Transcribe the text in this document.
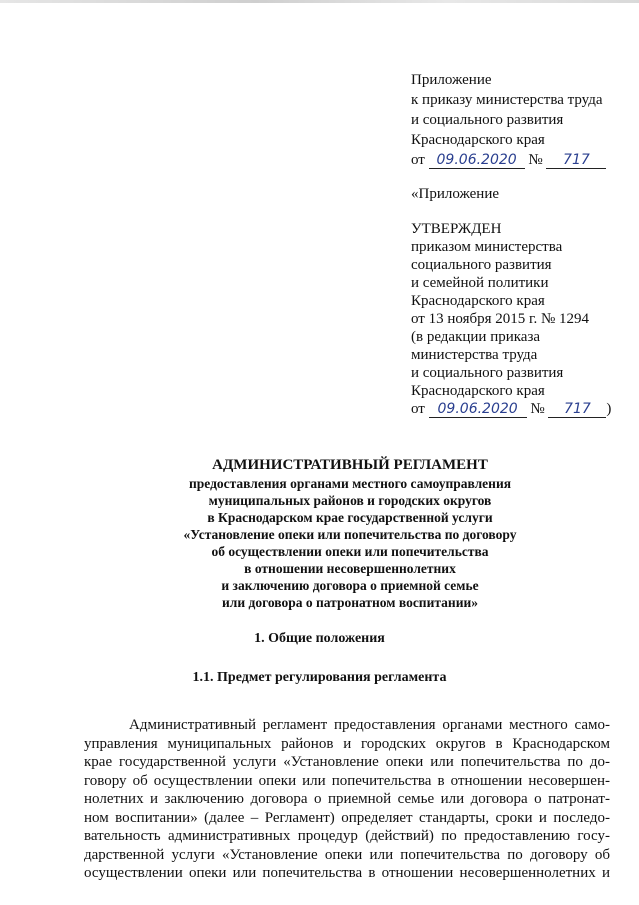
Приложение
к приказу министерства труда
и социального развития
Краснодарского края
от 09.06.2020 № 717
«Приложение
УТВЕРЖДЕН
приказом министерства
социального развития
и семейной политики
Краснодарского края
от 13 ноября 2015 г. № 1294
(в редакции приказа
министерства труда
и социального развития
Краснодарского края
от 09.06.2020 № 717 )
АДМИНИСТРАТИВНЫЙ РЕГЛАМЕНТ
предоставления органами местного самоуправления
муниципальных районов и городских округов
в Краснодарском крае государственной услуги
«Установление опеки или попечительства по договору
об осуществлении опеки или попечительства
в отношении несовершеннолетних
и заключению договора о приемной семье
или договора о патронатном воспитании»
1. Общие положения
1.1. Предмет регулирования регламента
Административный регламент предоставления органами местного само-
управления муниципальных районов и городских округов в Краснодарском
крае государственной услуги «Установление опеки или попечительства по до-
говору об осуществлении опеки или попечительства в отношении несовершен-
нолетних и заключению договора о приемной семье или договора о патронат-
ном воспитании» (далее – Регламент) определяет стандарты, сроки и последо-
вательность административных процедур (действий) по предоставлению госу-
дарственной услуги «Установление опеки или попечительства по договору об
осуществлении опеки или попечительства в отношении несовершеннолетних и
